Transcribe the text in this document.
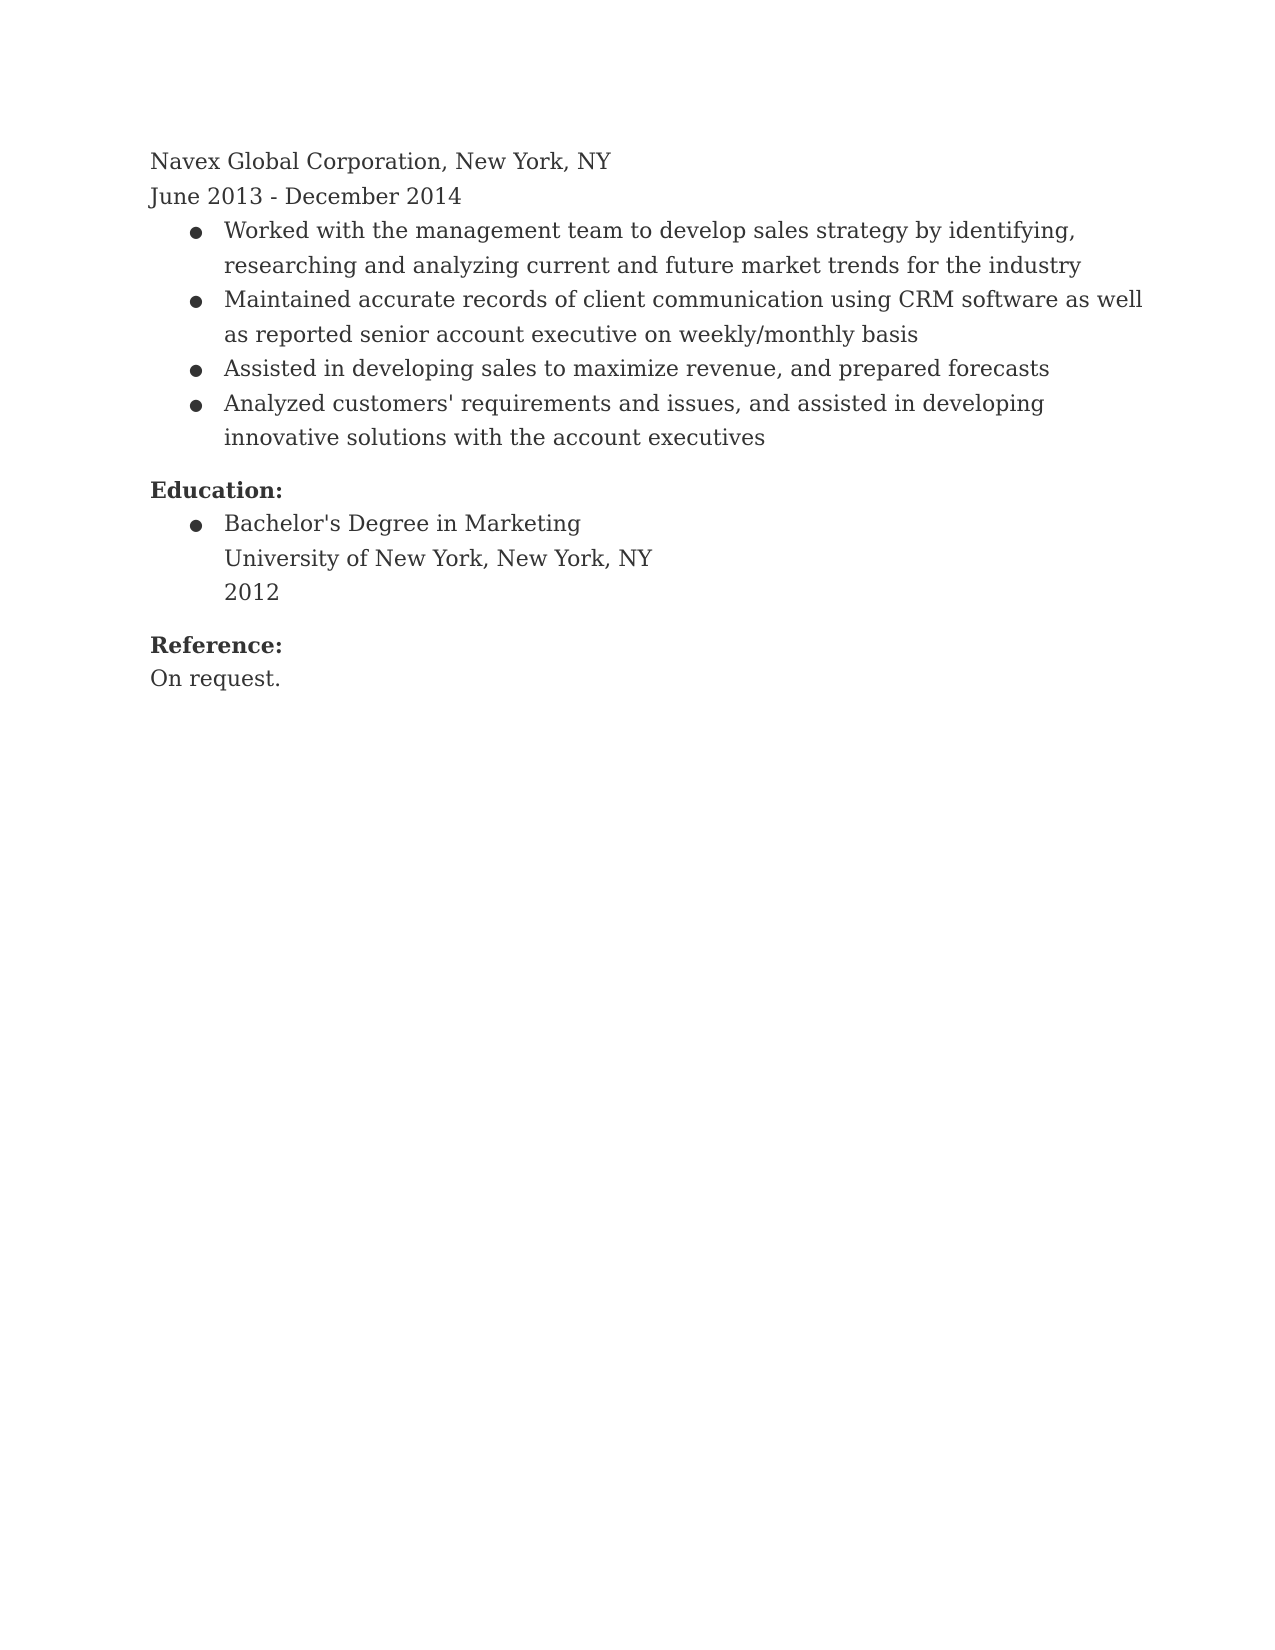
Navex Global Corporation, New York, NY
June 2013 - December 2014
● Worked with the management team to develop sales strategy by identifying,
researching and analyzing current and future market trends for the industry
● Maintained accurate records of client communication using CRM software as well
as reported senior account executive on weekly/monthly basis
● Assisted in developing sales to maximize revenue, and prepared forecasts
● Analyzed customers' requirements and issues, and assisted in developing
innovative solutions with the account executives
Education:
● Bachelor's Degree in Marketing
University of New York, New York, NY
2012
Reference:
On request.
